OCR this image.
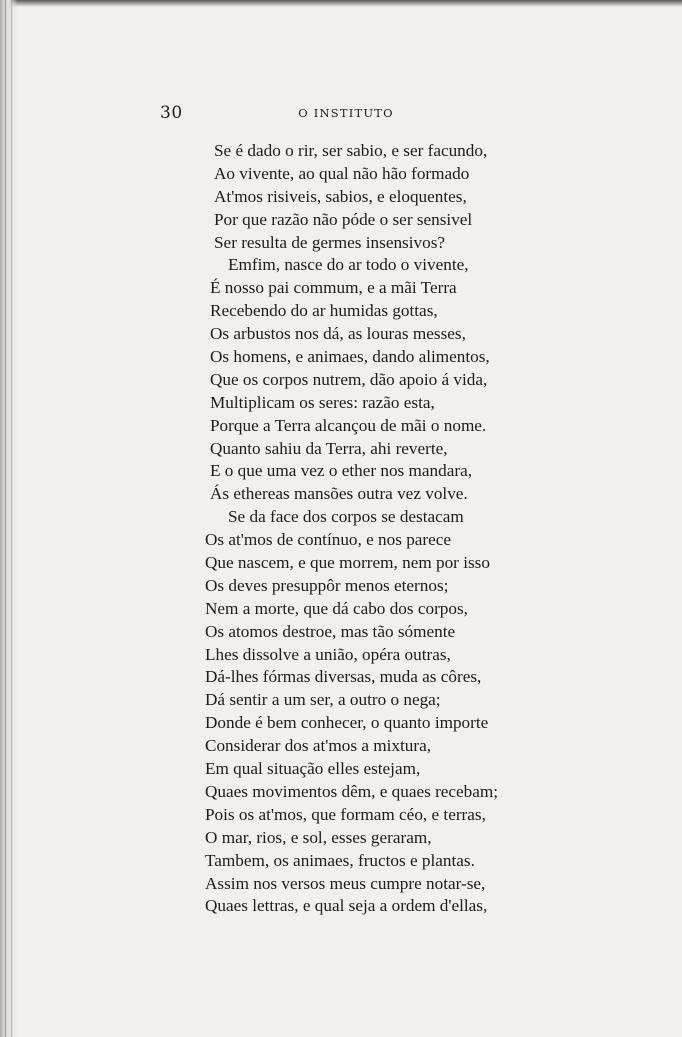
30	O INSTITUTO
Se é dado o rir, ser sabio, e ser facundo,
Ao vivente, ao qual não hão formado
At'mos risiveis, sabios, e eloquentes,
Por que razão não póde o ser sensivel
Ser resulta de germes insensivos?
Emfim, nasce do ar todo o vivente,
É nosso pai commum, e a mãi Terra
Recebendo do ar humidas gottas,
Os arbustos nos dá, as louras messes,
Os homens, e animaes, dando alimentos,
Que os corpos nutrem, dão apoio á vida,
Multiplicam os seres: razão esta,
Porque a Terra alcançou de mãi o nome.
Quanto sahiu da Terra, ahi reverte,
E o que uma vez o ether nos mandara,
Ás ethereas mansões outra vez volve.
Se da face dos corpos se destacam
Os at'mos de contínuo, e nos parece
Que nascem, e que morrem, nem por isso
Os deves presuppôr menos eternos;
Nem a morte, que dá cabo dos corpos,
Os atomos destroe, mas tão sómente
Lhes dissolve a união, opéra outras,
Dá-lhes fórmas diversas, muda as côres,
Dá sentir a um ser, a outro o nega;
Donde é bem conhecer, o quanto importe
Considerar dos at'mos a mixtura,
Em qual situação elles estejam,
Quaes movimentos dêm, e quaes recebam;
Pois os at'mos, que formam céo, e terras,
O mar, rios, e sol, esses geraram,
Tambem, os animaes, fructos e plantas.
Assim nos versos meus cumpre notar-se,
Quaes lettras, e qual seja a ordem d'ellas,
